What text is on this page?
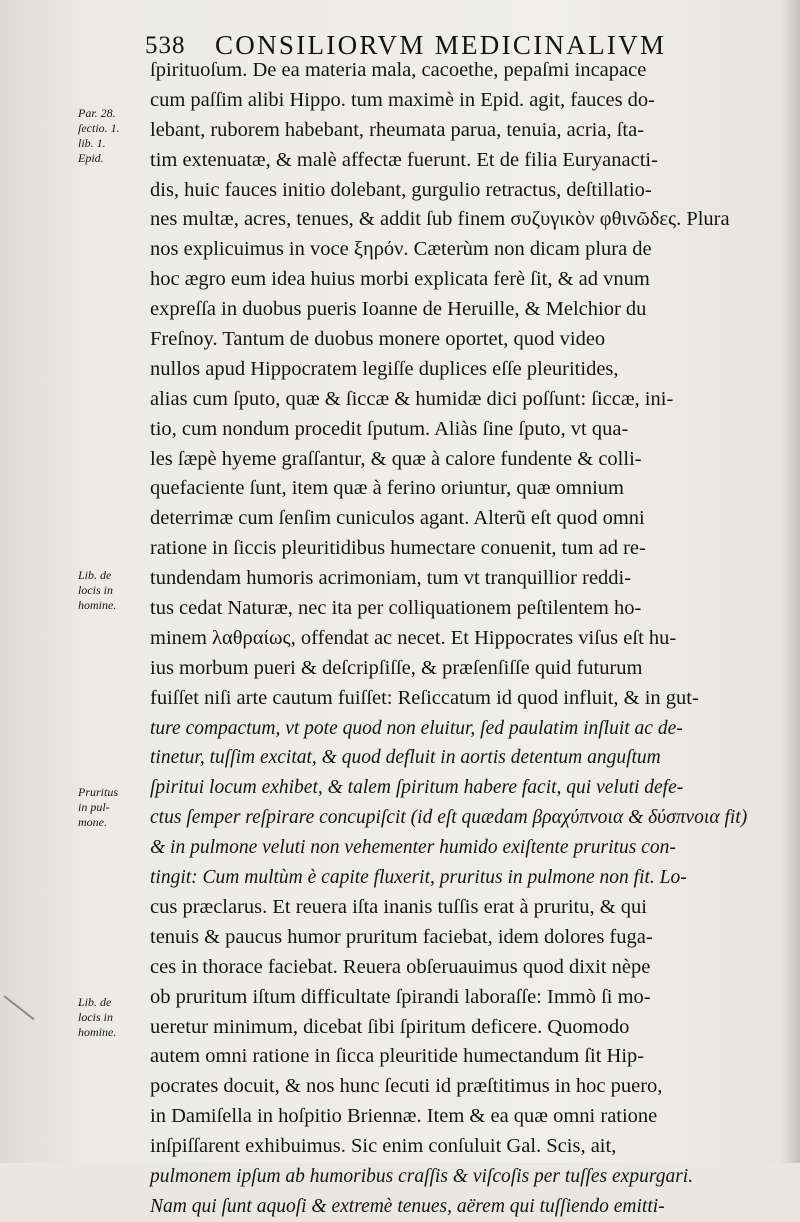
538 CONSILIORVM MEDICINALIVM
Par. 28.
ſectio. 1.
lib. 1.
Epid.
Lib. de
locis in
homine.
Pruritus
in pul-
mone.
Lib. de
locis in
homine.
ſpirituoſum. De ea materia mala, cacoethe, pepaſmi incapace
cum paſſim alibi Hippo. tum maximè in Epid. agit, fauces do-
lebant, ruborem habebant, rheumata parua, tenuia, acria, ſta-
tim extenuatæ, & malè affectæ fuerunt. Et de filia Euryanacti-
dis, huic fauces initio dolebant, gurgulio retractus, deſtillatio-
nes multæ, acres, tenues, & addit ſub finem συζυγικὸν φθινῶδες. Plura
nos explicuimus in voce ξηρόν. Cæterùm non dicam plura de
hoc ægro eum idea huius morbi explicata ferè ſit, & ad vnum
expreſſa in duobus pueris Ioanne de Heruille, & Melchior du
Freſnoy. Tantum de duobus monere oportet, quod video
nullos apud Hippocratem legiſſe duplices eſſe pleuritides,
alias cum ſputo, quæ & ſiccæ & humidæ dici poſſunt: ſiccæ, ini-
tio, cum nondum procedit ſputum. Aliàs ſine ſputo, vt qua-
les ſæpè hyeme graſſantur, & quæ à calore fundente & colli-
quefaciente ſunt, item quæ à ferino oriuntur, quæ omnium
deterrimæ cum ſenſim cuniculos agant. Alterũ eſt quod omni
ratione in ſiccis pleuritidibus humectare conuenit, tum ad re-
tundendam humoris acrimoniam, tum vt tranquillior reddi-
tus cedat Naturæ, nec ita per colliquationem peſtilentem ho-
minem λαθραίως, offendat ac necet. Et Hippocrates viſus eſt hu-
ius morbum pueri & deſcripſiſſe, & præſenſiſſe quid futurum
fuiſſet niſi arte cautum fuiſſet: Reſiccatum id quod influit, & in gut-
ture compactum, vt pote quod non eluitur, ſed paulatim inſluit ac de-
tinetur, tuſſim excitat, & quod defluit in aortis detentum anguſtum
ſpiritui locum exhibet, & talem ſpiritum habere facit, qui veluti defe-
ctus ſemper reſpirare concupiſcit (id eſt quædam βραχύπνοια & δύσπνοια fit)
& in pulmone veluti non vehementer humido exiſtente pruritus con-
tingit: Cum multùm è capite fluxerit, pruritus in pulmone non fit. Lo-
cus præclarus. Et reuera iſta inanis tuſſis erat à pruritu, & qui
tenuis & paucus humor pruritum faciebat, idem dolores fuga-
ces in thorace faciebat. Reuera obſeruauimus quod dixit nèpe
ob pruritum iſtum difficultate ſpirandi laboraſſe: Immò ſi mo-
ueretur minimum, dicebat ſibi ſpiritum deficere. Quomodo
autem omni ratione in ſicca pleuritide humectandum ſit Hip-
pocrates docuit, & nos hunc ſecuti id præſtitimus in hoc puero,
in Damiſella in hoſpitio Briennæ. Item & ea quæ omni ratione
inſpiſſarent exhibuimus. Sic enim conſuluit Gal. Scis, ait,
pulmonem ipſum ab humoribus craſſis & viſcoſis per tuſſes expurgari.
Nam qui ſunt aquoſi & extremè tenues, aërem qui tuſſiendo emitti-
